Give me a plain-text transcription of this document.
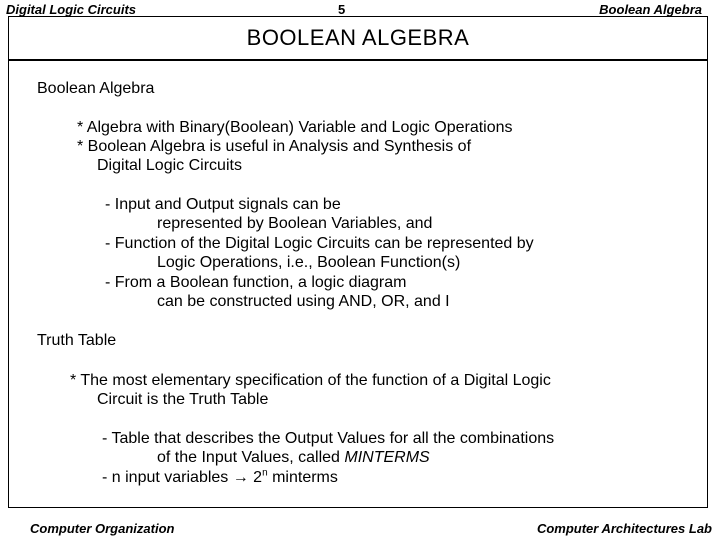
Digital Logic Circuits	5	Boolean Algebra
BOOLEAN ALGEBRA
Boolean Algebra
* Algebra with Binary(Boolean) Variable and Logic Operations
* Boolean Algebra is useful in Analysis and Synthesis of
Digital Logic Circuits
- Input and Output signals can be
represented by Boolean Variables, and
- Function of the Digital Logic Circuits can be represented by
Logic Operations, i.e., Boolean Function(s)
- From a Boolean function, a logic diagram
can be constructed using AND, OR, and I
Truth Table
* The most elementary specification of the function of a Digital Logic
Circuit is the Truth Table
- Table that describes the Output Values for all the combinations
of the Input Values, called MINTERMS
- n input variables → $2^n$ minterms
Computer Organization	Computer Architectures Lab
